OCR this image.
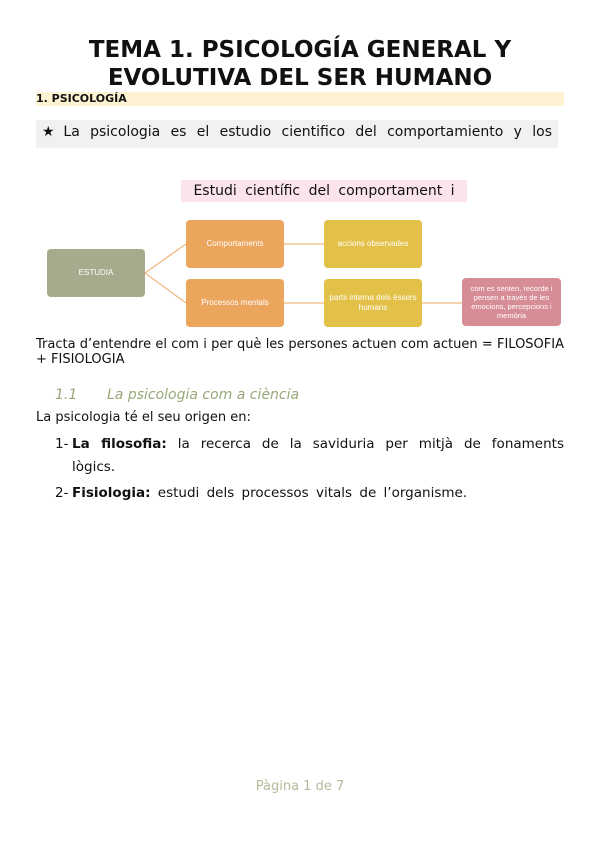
TEMA 1. PSICOLOGÍA GENERAL Y
EVOLUTIVA DEL SER HUMANO
1. PSICOLOGÍA
★ La psicologia es el estudio cientifico del comportamiento y los
Estudi científic del comportament i
ESTUDIA
Comportaments
Processos mentals
accions observades
parts interna dels éssers humans
com es senten, recorde i pensen a través de les emocions, percepcions i memòria
Tracta d’entendre el com i per què les persones actuen com actuen = FILOSOFIA + FISIOLOGIA
1.1 La psicologia com a ciència
La psicologia té el seu origen en:
1- La filosofia: la recerca de la saviduria per mitjà de fonaments lògics.
2- Fisiologia: estudi dels processos vitals de l’organisme.
Pàgina 1 de 7
